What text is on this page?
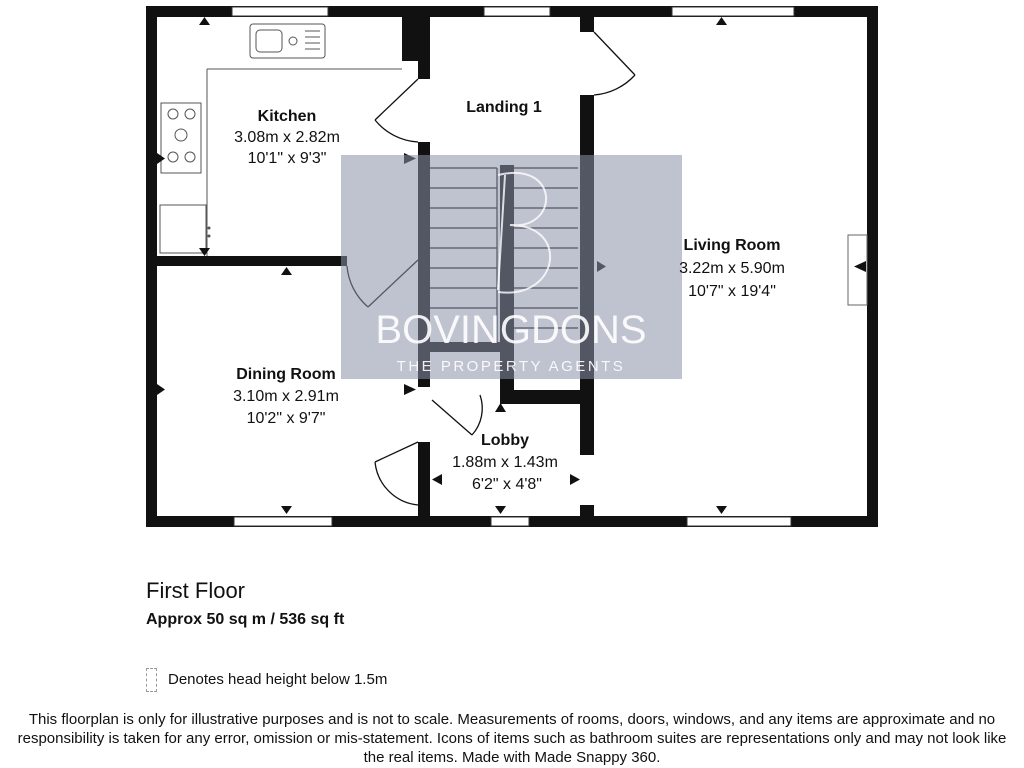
BOVINGDONS
THE PROPERTY AGENTS
Kitchen
3.08m x 2.82m
10'1" x 9'3"
Landing 1
Living Room
3.22m x 5.90m
10'7" x 19'4"
Dining Room
3.10m x 2.91m
10'2" x 9'7"
Lobby
1.88m x 1.43m
6'2" x 4'8"
First Floor
Approx 50 sq m / 536 sq ft
Denotes head height below 1.5m
This floorplan is only for illustrative purposes and is not to scale. Measurements of rooms, doors, windows, and any items are approximate and no responsibility is taken for any error, omission or mis-statement. Icons of items such as bathroom suites are representations only and may not look like the real items. Made with Made Snappy 360.
